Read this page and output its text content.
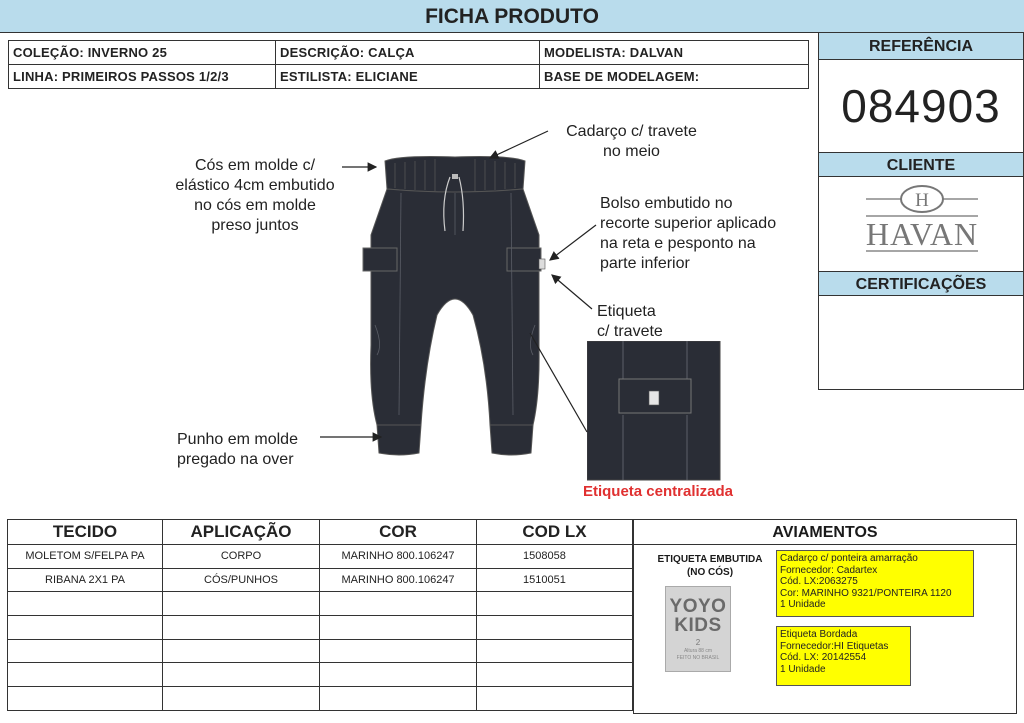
FICHA PRODUTO
COLEÇÃO: INVERNO 25	DESCRIÇÃO: CALÇA	MODELISTA: DALVAN
LINHA: PRIMEIROS PASSOS 1/2/3	ESTILISTA: ELICIANE	BASE DE MODELAGEM:
REFERÊNCIA
084903
CLIENTE
H
HAVAN
CERTIFICAÇÕES
Cadarço c/ travete
no meio
Cós em molde c/
elástico 4cm embutido
no cós em molde
preso juntos
Bolso embutido no
recorte superior aplicado
na reta e pesponto na
parte inferior
Etiqueta
c/ travete
Punho em molde
pregado na over
Etiqueta centralizada
TECIDO	APLICAÇÃO	COR	COD LX
MOLETOM S/FELPA PA	CORPO	MARINHO 800.106247	1508058
RIBANA 2X1 PA	CÓS/PUNHOS	MARINHO 800.106247	1510051

AVIAMENTOS
ETIQUETA EMBUTIDA
(NO CÓS)
YOYO
KIDS
2
Altura 88 cm
FEITO NO BRASIL
Cadarço c/ ponteira amarração
Fornecedor: Cadartex
Cód. LX:2063275
Cor: MARINHO 9321/PONTEIRA 1120
1 Unidade
Etiqueta Bordada
Fornecedor:HI Etiquetas
Cód. LX: 20142554
1 Unidade
